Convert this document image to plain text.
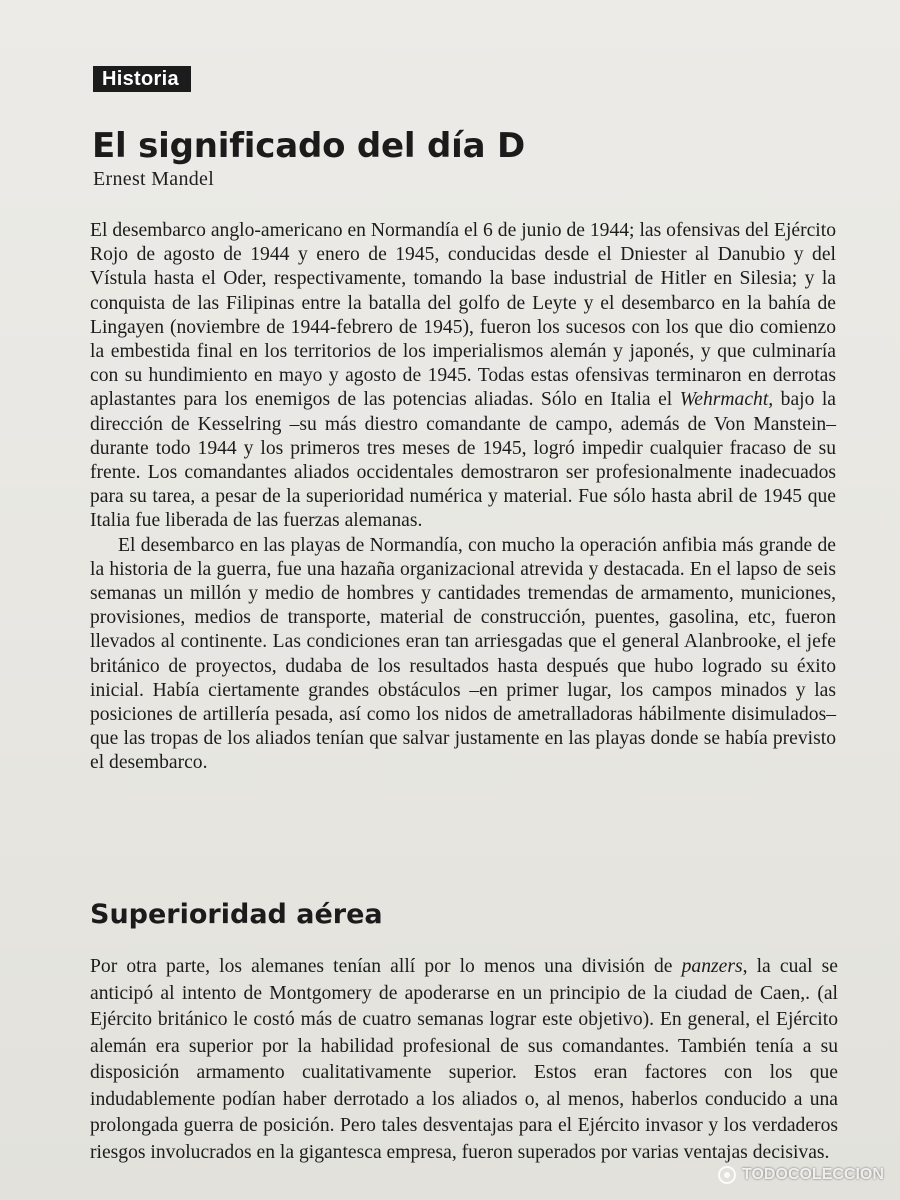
Historia
El significado del día D
Ernest Mandel

El desembarco anglo-americano en Normandía el 6 de junio de 1944; las ofensivas del Ejército Rojo de agosto de 1944 y enero de 1945, conducidas desde el Dniester al Danubio y del Vístula hasta el Oder, respectivamente, tomando la base industrial de Hitler en Silesia; y la conquista de las Filipinas entre la batalla del golfo de Leyte y el desembarco en la bahía de Lingayen (noviembre de 1944-febrero de 1945), fueron los sucesos con los que dio comienzo la embestida final en los territorios de los imperialismos alemán y japonés, y que culminaría con su hundimiento en mayo y agosto de 1945. Todas estas ofensivas terminaron en derrotas aplastantes para los enemigos de las potencias aliadas. Sólo en Italia el Wehrmacht, bajo la dirección de Kesselring –su más diestro comandante de campo, además de Von Manstein– durante todo 1944 y los primeros tres meses de 1945, logró impedir cualquier fracaso de su frente. Los comandantes aliados occidentales demostraron ser profesionalmente inadecuados para su tarea, a pesar de la superioridad numérica y material. Fue sólo hasta abril de 1945 que Italia fue liberada de las fuerzas alemanas.

El desembarco en las playas de Normandía, con mucho la operación anfibia más grande de la historia de la guerra, fue una hazaña organizacional atrevida y destacada. En el lapso de seis semanas un millón y medio de hombres y cantidades tremendas de armamento, municiones, provisiones, medios de transporte, material de construcción, puentes, gasolina, etc, fueron llevados al continente. Las condiciones eran tan arriesgadas que el general Alanbrooke, el jefe británico de proyectos, dudaba de los resultados hasta después que hubo logrado su éxito inicial. Había ciertamente grandes obstáculos –en primer lugar, los campos minados y las posiciones de artillería pesada, así como los nidos de ametralladoras hábilmente disimulados– que las tropas de los aliados tenían que salvar justamente en las playas donde se había previsto el desembarco.

Superioridad aérea

Por otra parte, los alemanes tenían allí por lo menos una división de panzers, la cual se anticipó al intento de Montgomery de apoderarse en un principio de la ciudad de Caen,. (al Ejército británico le costó más de cuatro semanas lograr este objetivo). En general, el Ejército alemán era superior por la habilidad profesional de sus comandantes. También tenía a su disposición armamento cualitativamente superior. Estos eran factores con los que indudablemente podían haber derrotado a los aliados o, al menos, haberlos conducido a una prolongada guerra de posición. Pero tales desventajas para el Ejército invasor y los verdaderos riesgos involucrados en la gigantesca empresa, fueron superados por varias ventajas decisivas.

TODOCOLECCION
